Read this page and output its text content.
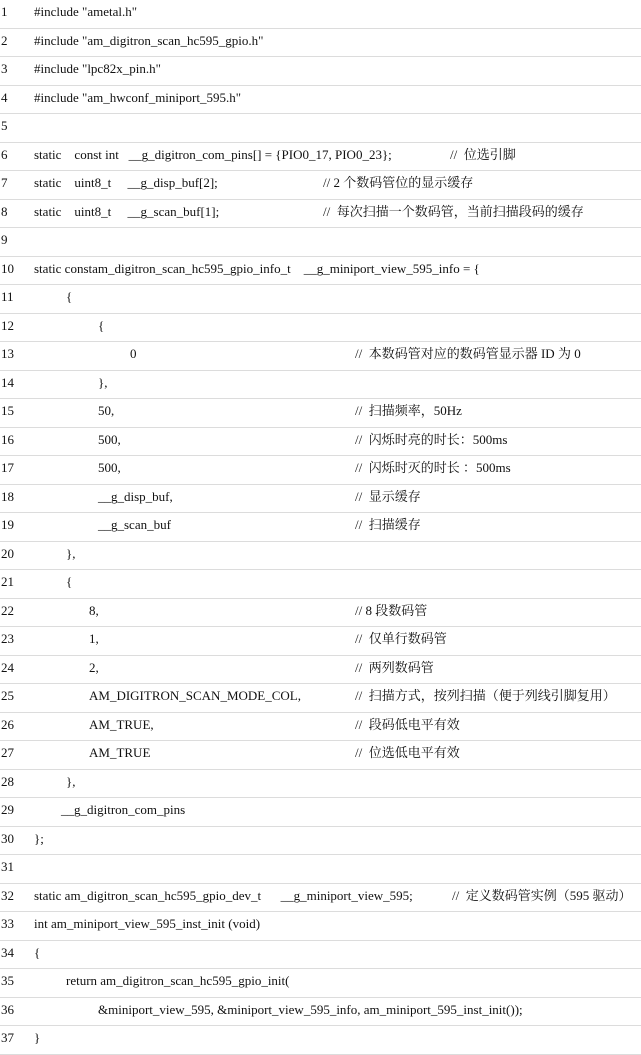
1 #include "ametal.h"
2 #include "am_digitron_scan_hc595_gpio.h"
3 #include "lpc82x_pin.h"
4 #include "am_hwconf_miniport_595.h"
5
6 static    const int   __g_digitron_com_pins[] = {PIO0_17, PIO0_23};	//  位选引脚
7 static    uint8_t     __g_disp_buf[2];	// 2 个数码管位的显示缓存
8 static    uint8_t     __g_scan_buf[1];	//  每次扫描一个数码管，当前扫描段码的缓存
9
10 static constam_digitron_scan_hc595_gpio_info_t    __g_miniport_view_595_info = {
11	{
12	{
13	0	//  本数码管对应的数码管显示器 ID 为 0
14	},
15	50,	//  扫描频率，50Hz
16	500,	//  闪烁时亮的时长：500ms
17	500,	//  闪烁时灭的时长 ：500ms
18	__g_disp_buf,	//  显示缓存
19	__g_scan_buf	//  扫描缓存
20	},
21	{
22	8,	// 8 段数码管
23	1,	//  仅单行数码管
24	2,	//  两列数码管
25	AM_DIGITRON_SCAN_MODE_COL,	//  扫描方式，按列扫描（便于列线引脚复用）
26	AM_TRUE,	//  段码低电平有效
27	AM_TRUE	//  位选低电平有效
28	},
29	__g_digitron_com_pins
30 };
31
32 static am_digitron_scan_hc595_gpio_dev_t      __g_miniport_view_595;	//  定义数码管实例（595 驱动）
33 int am_miniport_view_595_inst_init (void)
34 {
35	return am_digitron_scan_hc595_gpio_init(
36	&miniport_view_595, &miniport_view_595_info, am_miniport_595_inst_init());
37 }
